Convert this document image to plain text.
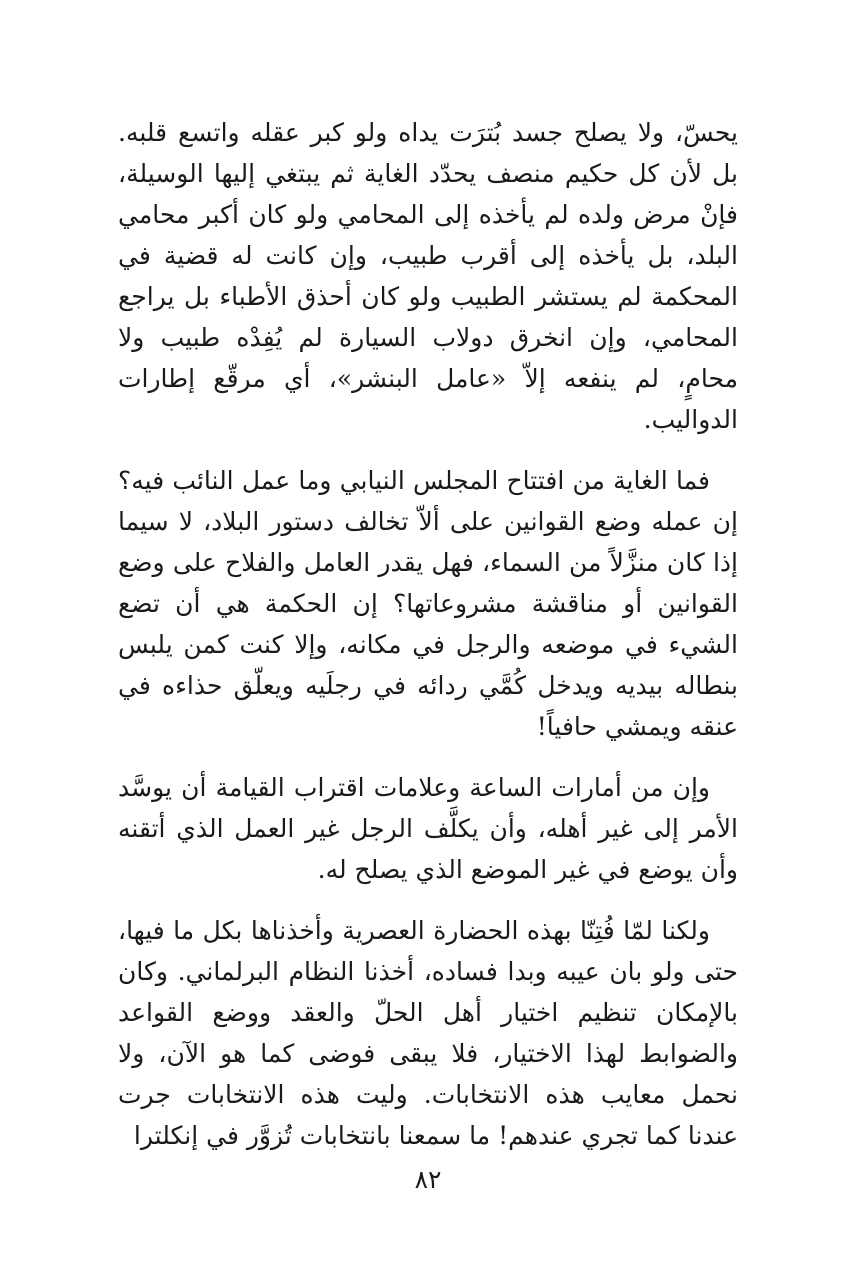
يحسّ، ولا يصلح جسد بُترَت يداه ولو كبر عقله واتسع قلبه. بل لأن كل حكيم منصف يحدّد الغاية ثم يبتغي إليها الوسيلة، فإنْ مرض ولده لم يأخذه إلى المحامي ولو كان أكبر محامي البلد، بل يأخذه إلى أقرب طبيب، وإن كانت له قضية في المحكمة لم يستشر الطبيب ولو كان أحذق الأطباء بل يراجع المحامي، وإن انخرق دولاب السيارة لم يُفِدْه طبيب ولا محامٍ، لم ينفعه إلاّ «عامل البنشر»، أي مرقّع إطارات الدواليب.

فما الغاية من افتتاح المجلس النيابي وما عمل النائب فيه؟ إن عمله وضع القوانين على ألاّ تخالف دستور البلاد، لا سيما إذا كان منزَّلاً من السماء، فهل يقدر العامل والفلاح على وضع القوانين أو مناقشة مشروعاتها؟ إن الحكمة هي أن تضع الشيء في موضعه والرجل في مكانه، وإلا كنت كمن يلبس بنطاله بيديه ويدخل كُمَّي ردائه في رجلَيه ويعلّق حذاءه في عنقه ويمشي حافياً!

وإن من أمارات الساعة وعلامات اقتراب القيامة أن يوسَّد الأمر إلى غير أهله، وأن يكلَّف الرجل غير العمل الذي أتقنه وأن يوضع في غير الموضع الذي يصلح له.

ولكنا لمّا فُتِنّا بهذه الحضارة العصرية وأخذناها بكل ما فيها، حتى ولو بان عيبه وبدا فساده، أخذنا النظام البرلماني. وكان بالإمكان تنظيم اختيار أهل الحلّ والعقد ووضع القواعد والضوابط لهذا الاختيار، فلا يبقى فوضى كما هو الآن، ولا نحمل معايب هذه الانتخابات. وليت هذه الانتخابات جرت عندنا كما تجري عندهم! ما سمعنا بانتخابات تُزوَّر في إنكلترا

٨٢
